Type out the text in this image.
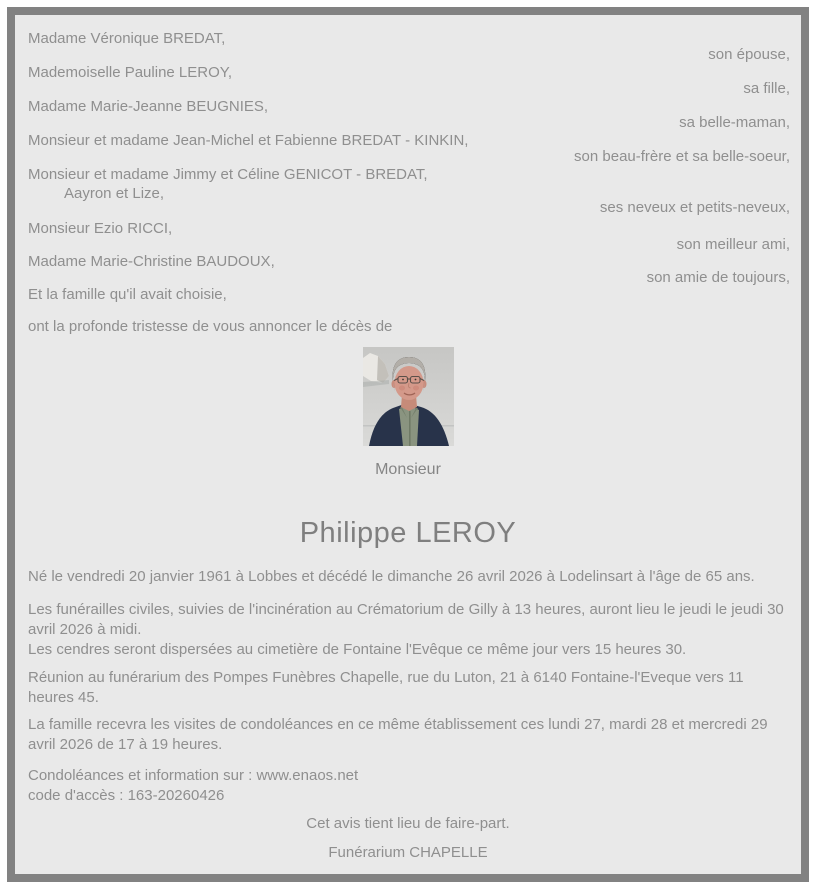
Madame Véronique BREDAT,
son épouse,
Mademoiselle Pauline LEROY,
sa fille,
Madame Marie-Jeanne BEUGNIES,
sa belle-maman,
Monsieur et madame Jean-Michel et Fabienne BREDAT - KINKIN,
son beau-frère et sa belle-soeur,
Monsieur et madame Jimmy et Céline GENICOT - BREDAT,
Aayron et Lize,
ses neveux et petits-neveux,
Monsieur Ezio RICCI,
son meilleur ami,
Madame Marie-Christine BAUDOUX,
son amie de toujours,
Et la famille qu'il avait choisie,
ont la profonde tristesse de vous annoncer le décès de
Monsieur
Philippe LEROY
Né le vendredi 20 janvier 1961 à Lobbes et décédé le dimanche 26 avril 2026 à Lodelinsart à l'âge de 65 ans.
Les funérailles civiles, suivies de l'incinération au Crématorium de Gilly à 13 heures, auront lieu le jeudi le jeudi 30 avril 2026 à midi.
Les cendres seront dispersées au cimetière de Fontaine l'Evêque ce même jour vers 15 heures 30.
Réunion au funérarium des Pompes Funèbres Chapelle, rue du Luton, 21 à 6140 Fontaine-l'Eveque vers 11 heures 45.
La famille recevra les visites de condoléances en ce même établissement ces lundi 27, mardi 28 et mercredi 29 avril 2026 de 17 à 19 heures.
Condoléances et information sur : www.enaos.net
code d'accès : 163-20260426

Cet avis tient lieu de faire-part.

Funérarium CHAPELLE
